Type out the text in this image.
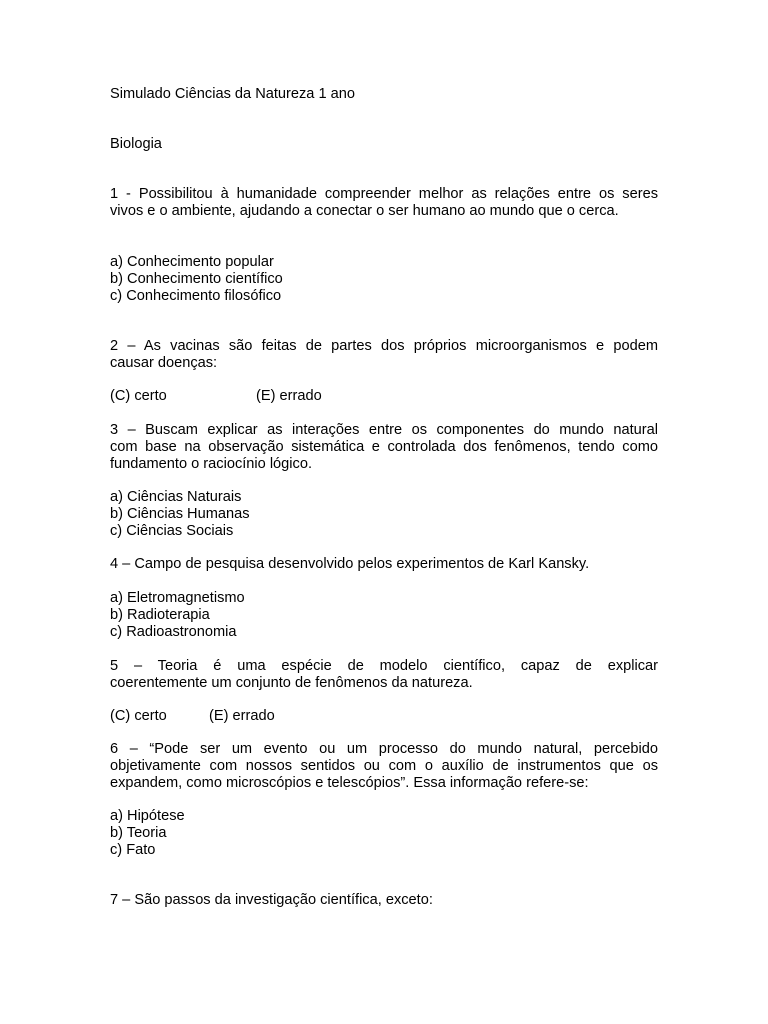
Simulado Ciências da Natureza 1 ano
Biologia
1 - Possibilitou à humanidade compreender melhor as relações entre os seres
vivos e o ambiente, ajudando a conectar o ser humano ao mundo que o cerca.
a) Conhecimento popular
b) Conhecimento científico
c) Conhecimento filosófico
2 – As vacinas são feitas de partes dos próprios microorganismos e podem
causar doenças:
(C) certo	(E) errado
3 – Buscam explicar as interações entre os componentes do mundo natural
com base na observação sistemática e controlada dos fenômenos, tendo como
fundamento o raciocínio lógico.
a) Ciências Naturais
b) Ciências Humanas
c) Ciências Sociais
4 – Campo de pesquisa desenvolvido pelos experimentos de Karl Kansky.
a) Eletromagnetismo
b) Radioterapia
c) Radioastronomia
5 – Teoria é uma espécie de modelo científico, capaz de explicar
coerentemente um conjunto de fenômenos da natureza.
(C) certo	(E) errado
6 – “Pode ser um evento ou um processo do mundo natural, percebido
objetivamente com nossos sentidos ou com o auxílio de instrumentos que os
expandem, como microscópios e telescópios”. Essa informação refere-se:
a) Hipótese
b) Teoria
c) Fato
7 – São passos da investigação científica, exceto:
